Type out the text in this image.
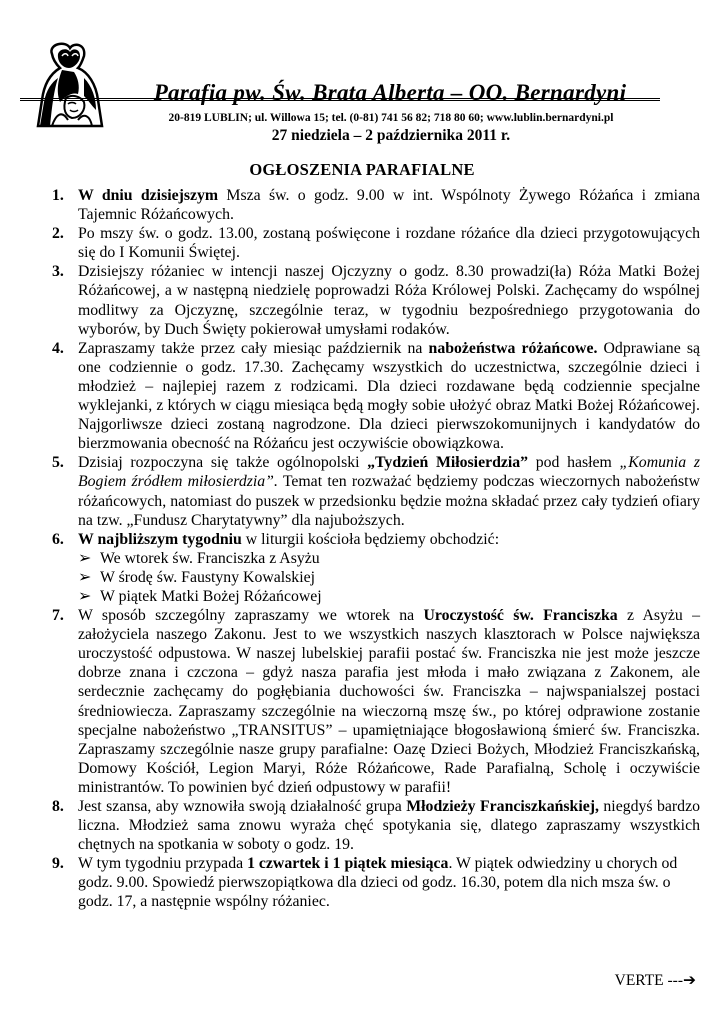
Parafia pw. Św. Brata Alberta – OO. Bernardyni
20-819 LUBLIN; ul. Willowa 15; tel. (0-81) 741 56 82; 718 80 60; www.lublin.bernardyni.pl
27 niedziela – 2 października 2011 r.
OGŁOSZENIA PARAFIALNE
1. W dniu dzisiejszym Msza św. o godz. 9.00 w int. Wspólnoty Żywego Różańca i zmiana Tajemnic Różańcowych.
2. Po mszy św. o godz. 13.00, zostaną poświęcone i rozdane różańce dla dzieci przygotowujących się do I Komunii Świętej.
3. Dzisiejszy różaniec w intencji naszej Ojczyzny o godz. 8.30 prowadzi(ła) Róża Matki Bożej Różańcowej, a w następną niedzielę poprowadzi Róża Królowej Polski. Zachęcamy do wspólnej modlitwy za Ojczyznę, szczególnie teraz, w tygodniu bezpośredniego przygotowania do wyborów, by Duch Święty pokierował umysłami rodaków.
4. Zapraszamy także przez cały miesiąc październik na nabożeństwa różańcowe. Odprawiane są one codziennie o godz. 17.30. Zachęcamy wszystkich do uczestnictwa, szczególnie dzieci i młodzież – najlepiej razem z rodzicami. Dla dzieci rozdawane będą codziennie specjalne wyklejanki, z których w ciągu miesiąca będą mogły sobie ułożyć obraz Matki Bożej Różańcowej. Najgorliwsze dzieci zostaną nagrodzone. Dla dzieci pierwszokomunijnych i kandydatów do bierzmowania obecność na Różańcu jest oczywiście obowiązkowa.
5. Dzisiaj rozpoczyna się także ogólnopolski „Tydzień Miłosierdzia” pod hasłem „Komunia z Bogiem źródłem miłosierdzia”. Temat ten rozważać będziemy podczas wieczornych nabożeństw różańcowych, natomiast do puszek w przedsionku będzie można składać przez cały tydzień ofiary na tzw. „Fundusz Charytatywny” dla najuboższych.
6. W najbliższym tygodniu w liturgii kościoła będziemy obchodzić:
➢ We wtorek św. Franciszka z Asyżu
➢ W środę św. Faustyny Kowalskiej
➢ W piątek Matki Bożej Różańcowej
7. W sposób szczególny zapraszamy we wtorek na Uroczystość św. Franciszka z Asyżu – założyciela naszego Zakonu. Jest to we wszystkich naszych klasztorach w Polsce największa uroczystość odpustowa. W naszej lubelskiej parafii postać św. Franciszka nie jest może jeszcze dobrze znana i czczona – gdyż nasza parafia jest młoda i mało związana z Zakonem, ale serdecznie zachęcamy do pogłębiania duchowości św. Franciszka – najwspanialszej postaci średniowiecza. Zapraszamy szczególnie na wieczorną mszę św., po której odprawione zostanie specjalne nabożeństwo „TRANSITUS” – upamiętniające błogosławioną śmierć św. Franciszka. Zapraszamy szczególnie nasze grupy parafialne: Oazę Dzieci Bożych, Młodzież Franciszkańską, Domowy Kościół, Legion Maryi, Róże Różańcowe, Rade Parafialną, Scholę i oczywiście ministrantów. To powinien być dzień odpustowy w parafii!
8. Jest szansa, aby wznowiła swoją działalność grupa Młodzieży Franciszkańskiej, niegdyś bardzo liczna. Młodzież sama znowu wyraża chęć spotykania się, dlatego zapraszamy wszystkich chętnych na spotkania w soboty o godz. 19.
9. W tym tygodniu przypada 1 czwartek i 1 piątek miesiąca. W piątek odwiedziny u chorych od godz. 9.00. Spowiedź pierwszopiątkowa dla dzieci od godz. 16.30, potem dla nich msza św. o godz. 17, a następnie wspólny różaniec.
VERTE ---➔
